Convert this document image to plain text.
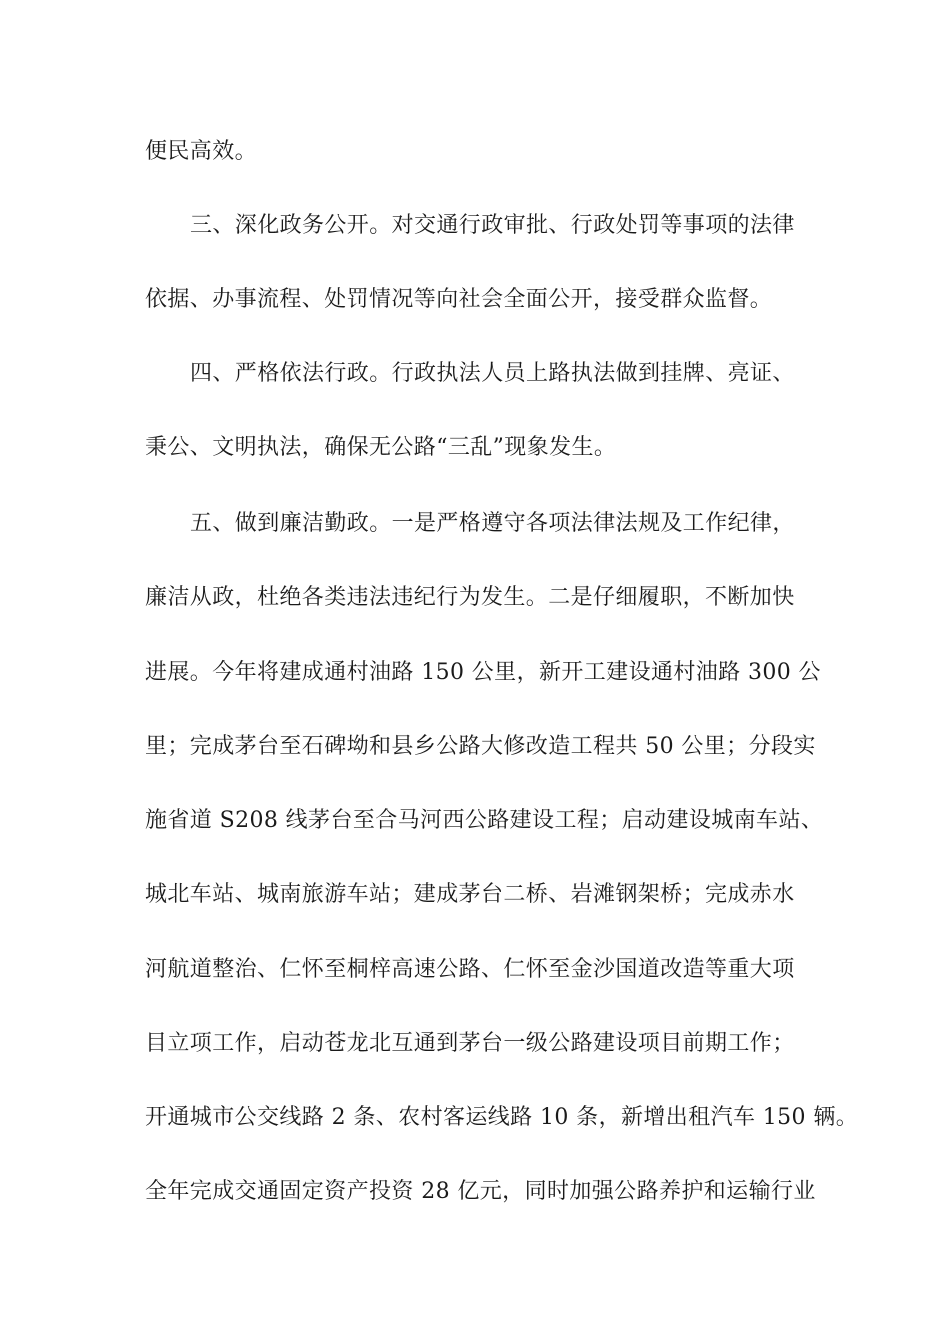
便民高效。
三、深化政务公开。对交通行政审批、行政处罚等事项的法律
依据、办事流程、处罚情况等向社会全面公开，接受群众监督。
四、严格依法行政。行政执法人员上路执法做到挂牌、亮证、
秉公、文明执法，确保无公路“三乱”现象发生。
五、做到廉洁勤政。一是严格遵守各项法律法规及工作纪律，
廉洁从政，杜绝各类违法违纪行为发生。二是仔细履职，不断加快
进展。今年将建成通村油路 150 公里，新开工建设通村油路 300 公
里；完成茅台至石碑坳和县乡公路大修改造工程共 50 公里；分段实
施省道 S208 线茅台至合马河西公路建设工程；启动建设城南车站、
城北车站、城南旅游车站；建成茅台二桥、岩滩钢架桥；完成赤水
河航道整治、仁怀至桐梓高速公路、仁怀至金沙国道改造等重大项
目立项工作，启动苍龙北互通到茅台一级公路建设项目前期工作；
开通城市公交线路 2 条、农村客运线路 10 条，新增出租汽车 150 辆。
全年完成交通固定资产投资 28 亿元，同时加强公路养护和运输行业
